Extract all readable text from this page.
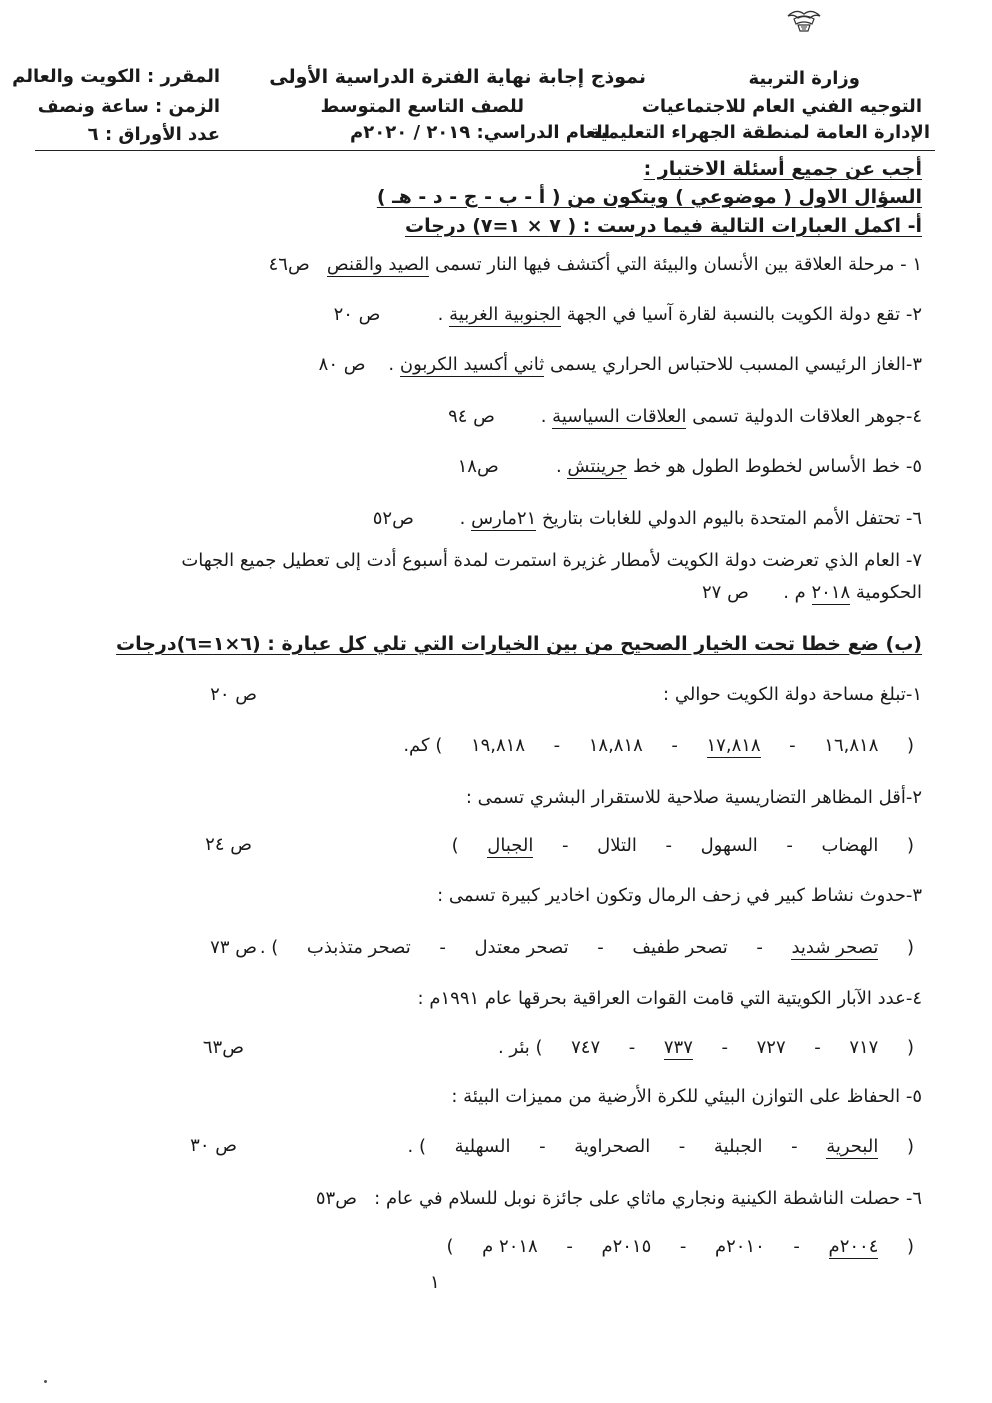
وزارة التربية
التوجيه الفني العام للاجتماعيات
الإدارة العامة لمنطقة الجهراء التعليمية
نموذج إجابة نهاية الفترة الدراسية الأولى
للصف التاسع المتوسط
للعام الدراسي: ٢٠١٩ / ٢٠٢٠م
المقرر : الكويت والعالم
الزمن : ساعة ونصف
عدد الأوراق : ٦
أجب عن جميع أسئلة الاختبار :
السؤال الاول ( موضوعي ) ويتكون من ( أ - ب - ج - د - هـ )
أ- اكمل العبارات التالية فيما درست : ( ٧ × ١=٧) درجات
١ - مرحلة العلاقة بين الأنسان والبيئة التي أكتشف فيها النار تسمى الصيد والقنص   ص٤٦
٢- تقع دولة الكويت بالنسبة لقارة آسيا في الجهة الجنوبية الغربية .          ص ٢٠
٣-الغاز الرئيسي المسبب للاحتباس الحراري يسمى ثاني أكسيد الكربون .    ص ٨٠
٤-جوهر العلاقات الدولية تسمى العلاقات السياسية .        ص ٩٤
٥- خط الأساس لخطوط الطول هو خط جرينتش .          ص١٨
٦- تحتفل الأمم المتحدة باليوم الدولي للغابات بتاريخ ٢١مارس .        ص٥٢
٧- العام الذي تعرضت دولة الكويت لأمطار غزيرة استمرت لمدة أسبوع أدت إلى تعطيل جميع الجهات
الحكومية ٢٠١٨ م .      ص ٢٧
(ب) ضع خطا تحت الخيار الصحيح من بين الخيارات التي تلي كل عبارة : (٦×١=٦)درجات
١-تبلغ مساحة دولة الكويت حوالي :
ص ٢٠
(     ١٦,٨١٨     -     ١٧,٨١٨     -     ١٨,٨١٨     -     ١٩,٨١٨     ) كم.
٢-أقل المظاهر التضاريسية صلاحية للاستقرار البشري تسمى :
(     الهضاب     -     السهول     -     التلال     -     الجبال     )
ص ٢٤
٣-حدوث نشاط كبير في زحف الرمال وتكون اخادير كبيرة تسمى :
(     تصحر شديد     -     تصحر طفيف     -     تصحر معتدل     -     تصحر متذبذب     ) .
ص ٧٣
٤-عدد الآبار الكويتية التي قامت القوات العراقية بحرقها عام ١٩٩١م :
(     ٧١٧     -     ٧٢٧     -     ٧٣٧     -     ٧٤٧     ) بئر .
ص٦٣
٥- الحفاظ على التوازن البيئي للكرة الأرضية من مميزات البيئة :
(     البحرية     -     الجبلية     -     الصحراوية     -     السهلية     ) .
ص ٣٠
٦- حصلت الناشطة الكينية ونجاري ماثاي على جائزة نوبل للسلام في عام :   ص٥٣
(     ٢٠٠٤م     -     ٢٠١٠م     -     ٢٠١٥م     -     ٢٠١٨ م     )
١
